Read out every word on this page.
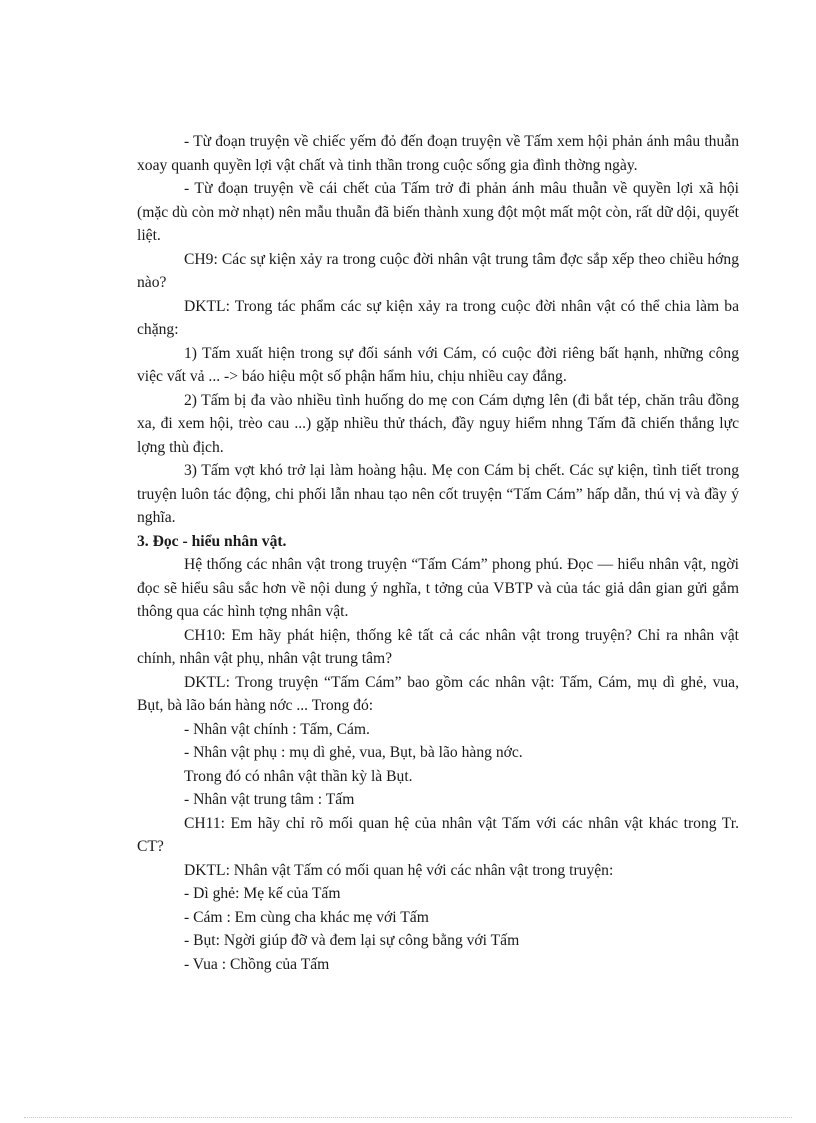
- Từ đoạn truyện về chiếc yếm đỏ đến đoạn truyện về Tấm xem hội phản ánh mâu thuẫn xoay quanh quyền lợi vật chất và tinh thần trong cuộc sống gia đình thờng ngày.

- Từ đoạn truyện về cái chết của Tấm trở đi phản ánh mâu thuẫn về quyền lợi xã hội (mặc dù còn mờ nhạt) nên mẫu thuẫn đã biến thành xung đột một mất một còn, rất dữ dội, quyết liệt.

CH9: Các sự kiện xảy ra trong cuộc đời nhân vật trung tâm đợc sắp xếp theo chiều hớng nào?

DKTL: Trong tác phẩm các sự kiện xảy ra trong cuộc đời nhân vật có thể chia làm ba chặng:

1) Tấm xuất hiện trong sự đối sánh với Cám, có cuộc đời riêng bất hạnh, những công việc vất vả ... -> báo hiệu một số phận hẩm hiu, chịu nhiều cay đắng.

2) Tấm bị đa vào nhiều tình huống do mẹ con Cám dựng lên (đi bắt tép, chăn trâu đồng xa, đi xem hội, trèo cau ...) gặp nhiều thử thách, đầy nguy hiểm nhng Tấm đã chiến thắng lực lợng thù địch.

3) Tấm vợt khó trở lại làm hoàng hậu. Mẹ con Cám bị chết. Các sự kiện, tình tiết trong truyện luôn tác động, chi phối lẫn nhau tạo nên cốt truyện “Tấm Cám” hấp dẫn, thú vị và đầy ý nghĩa.

3. Đọc - hiểu nhân vật.

Hệ thống các nhân vật trong truyện “Tấm Cám” phong phú. Đọc — hiểu nhân vật, ngời đọc sẽ hiểu sâu sắc hơn về nội dung ý nghĩa, t tởng của VBTP và của tác giả dân gian gửi gắm thông qua các hình tợng nhân vật.

CH10: Em hãy phát hiện, thống kê tất cả các nhân vật trong truyện? Chỉ ra nhân vật chính, nhân vật phụ, nhân vật trung tâm?

DKTL: Trong truyện “Tấm Cám” bao gồm các nhân vật: Tấm, Cám, mụ dì ghẻ, vua, Bụt, bà lão bán hàng nớc ... Trong đó:

- Nhân vật chính : Tấm, Cám.

- Nhân vật phụ : mụ dì ghẻ, vua, Bụt, bà lão hàng nớc.

Trong đó có nhân vật thần kỳ là Bụt.

- Nhân vật trung tâm : Tấm

CH11: Em hãy chỉ rõ mối quan hệ của nhân vật Tấm với các nhân vật khác trong Tr. CT?

DKTL: Nhân vật Tấm có mối quan hệ với các nhân vật trong truyện:

- Dì ghẻ: Mẹ kế của Tấm

- Cám : Em cùng cha khác mẹ với Tấm

- Bụt: Ngời giúp đỡ và đem lại sự công bằng với Tấm

- Vua : Chồng của Tấm
